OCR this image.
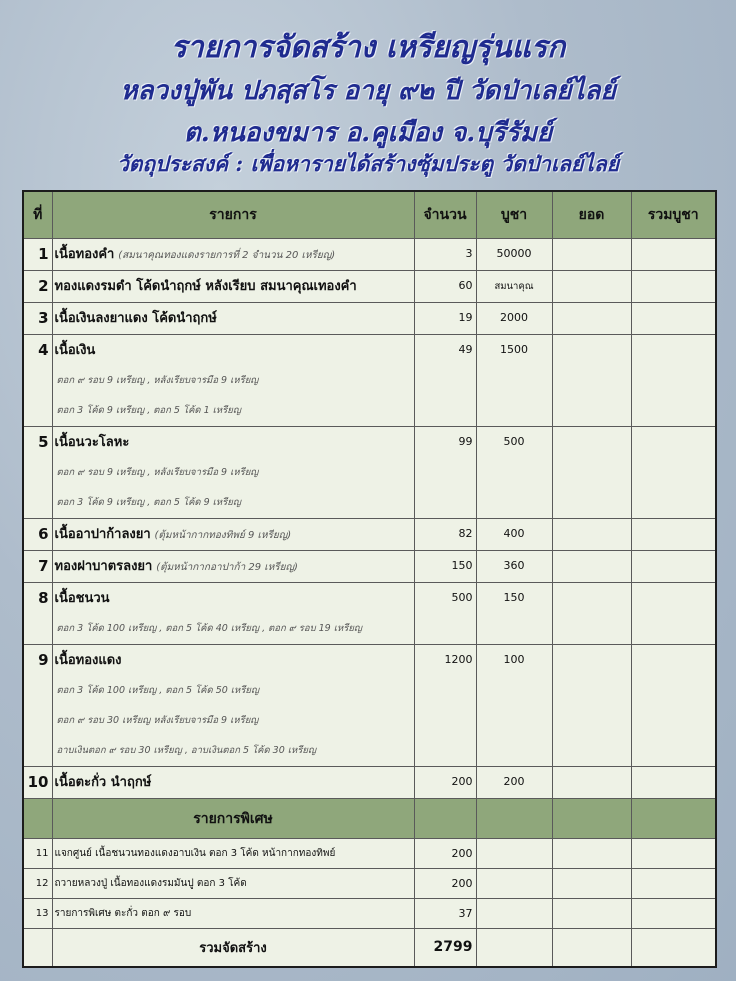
รายการจัดสร้าง เหรียญรุ่นแรก
หลวงปู่พัน ปภสฺสโร อายุ ๙๒ ปี วัดป่าเลย์ไลย์
ต.หนองขมาร อ.คูเมือง จ.บุรีรัมย์
วัตถุประสงค์ : เพื่อหารายได้สร้างซุ้มประตู วัดป่าเลย์ไลย์
ที่	รายการ	จำนวน	บูชา	ยอด	รวมบูชา
1	เนื้อทองคำ (สมนาคุณทองแดงรายการที่ 2 จำนวน 20 เหรียญ)	3	50000		
2	ทองแดงรมดำ โค้ดนำฤกษ์ หลังเรียบ สมนาคุณเทองคำ	60	สมนาคุณ		
3	เนื้อเงินลงยาแดง โค้ดนำฤกษ์	19	2000		
4	เนื้อเงิน
ตอก ๙ รอบ 9 เหรียญ , หลังเรียบจารมือ 9 เหรียญ
ตอก 3 โค้ด 9 เหรียญ , ตอก 5 โค้ด 1 เหรียญ	49	1500		
5	เนื้อนวะโลหะ
ตอก ๙ รอบ 9 เหรียญ , หลังเรียบจารมือ 9 เหรียญ
ตอก 3 โค้ด 9 เหรียญ , ตอก 5 โค้ด 9 เหรียญ	99	500		
6	เนื้ออาปาก้าลงยา (ตุ้มหน้ากากทองทิพย์ 9 เหรียญ)	82	400		
7	ทองฝาบาตรลงยา (ตุ้มหน้ากากอาปาก้า 29 เหรียญ)	150	360		
8	เนื้อชนวน
ตอก 3 โค้ด 100 เหรียญ , ตอก 5 โค้ด 40 เหรียญ , ตอก ๙ รอบ 19 เหรียญ	500	150		
9	เนื้อทองแดง
ตอก 3 โค้ด 100 เหรียญ , ตอก 5 โค้ด 50 เหรียญ
ตอก ๙ รอบ 30 เหรียญ หลังเรียบจารมือ 9 เหรียญ
อาบเงินตอก ๙ รอบ 30 เหรียญ , อาบเงินตอก 5 โค้ด 30 เหรียญ	1200	100		
10	เนื้อตะกั่ว นำฤกษ์	200	200		
	รายการพิเศษ				
11	แจกศูนย์ เนื้อชนวนทองแดงอาบเงิน ตอก 3 โค้ด หน้ากากทองทิพย์	200			
12	ถวายหลวงปู่ เนื้อทองแดงรมมันปู ตอก 3 โค้ด	200			
13	รายการพิเศษ ตะกั่ว ตอก ๙ รอบ	37			
	รวมจัดสร้าง	2799			
